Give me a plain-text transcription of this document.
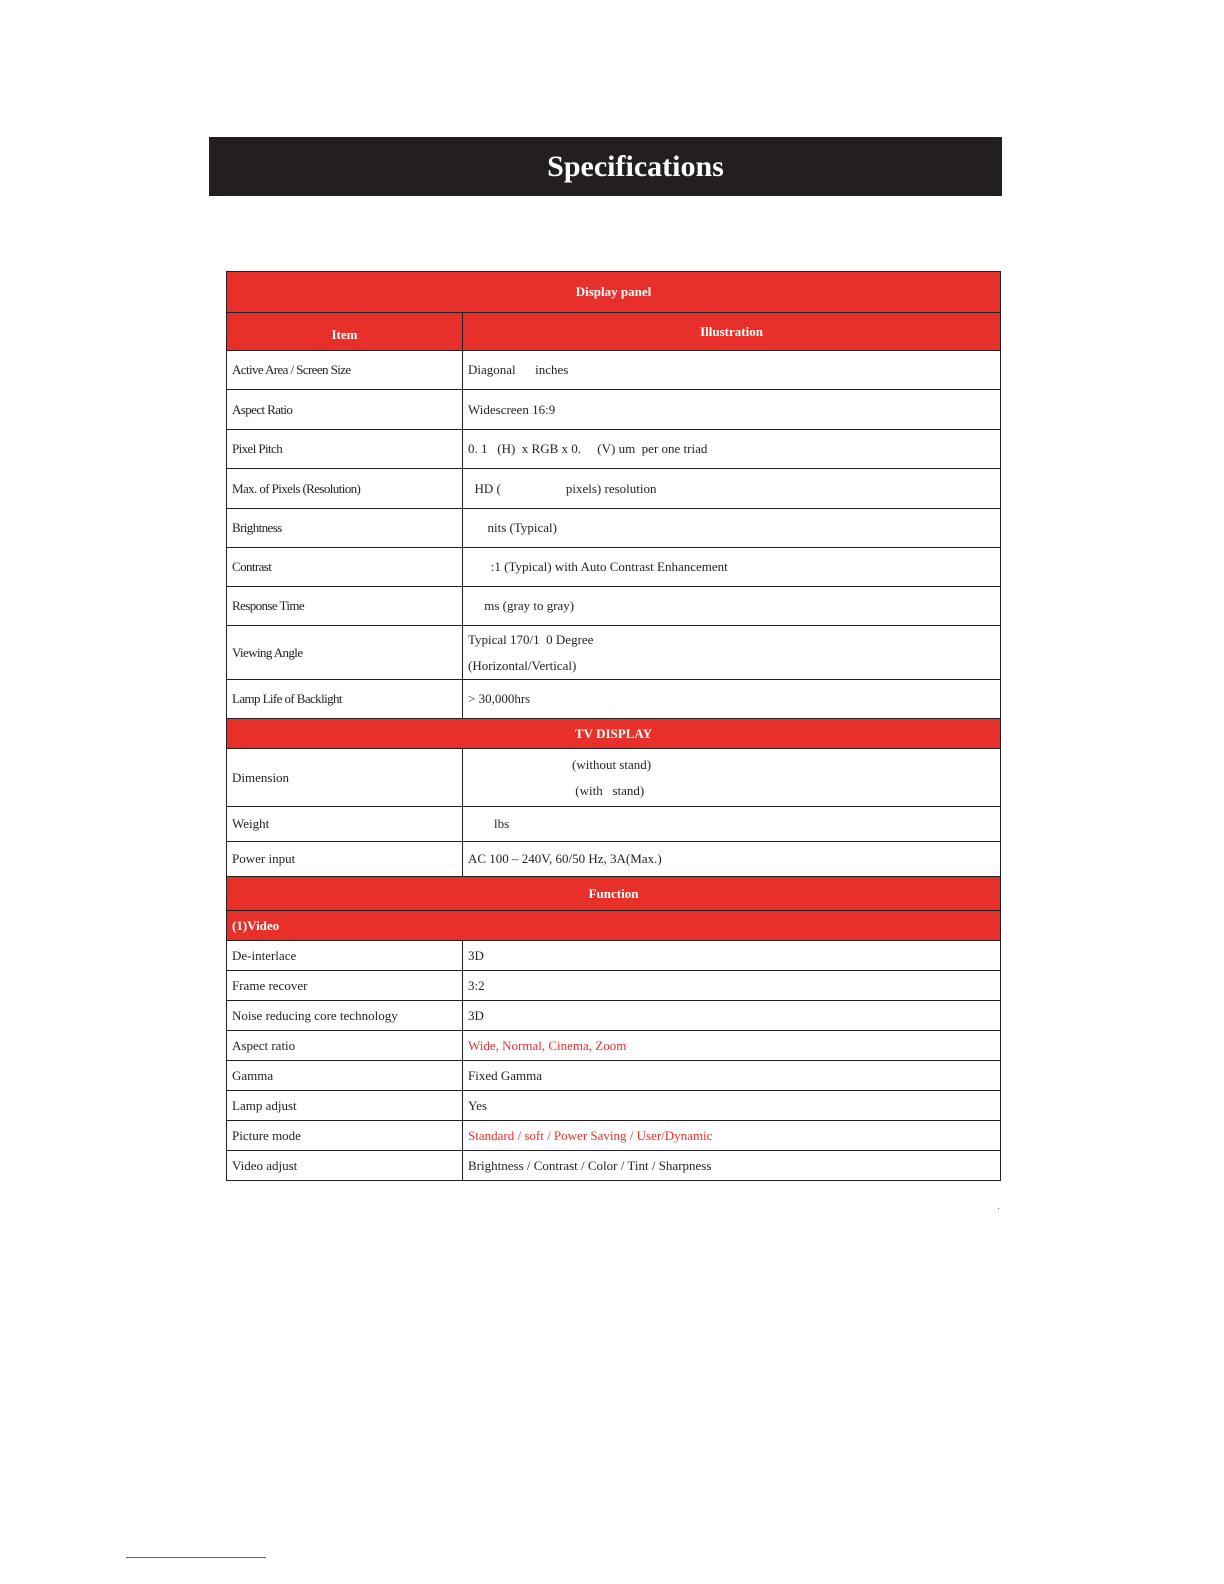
Specifications
Display panel	
Item	Illustration
Active Area / Screen Size	Diagonal      inches

Aspect Ratio	Widescreen 16:9

Pixel Pitch	0. 1   (H)  x RGB x 0.     (V) um  per one triad

Max. of Pixels (Resolution)	HD (                    pixels) resolution

Brightness	nits (Typical)

Contrast	:1 (Typical) with Auto Contrast Enhancement

Response Time	ms (gray to gray)

Viewing Angle	Typical 170/1  0 Degree
(Horizontal/Vertical)

Lamp Life of Backlight	> 30,000hrs

TV DISPLAY	
Dimension	(without stand)
(with   stand)

Weight	lbs

Power input	AC 100 – 240V, 60/50 Hz, 3A(Max.)

Function	
(1)Video	
De-interlace	3D

Frame recover	3:2

Noise reducing core technology	3D

Aspect ratio	Wide, Normal, Cinema, Zoom

Gamma	Fixed Gamma

Lamp adjust	Yes

Picture mode	Standard / soft / Power Saving / User/Dynamic

Video adjust	Brightness / Contrast / Color / Tint / Sharpness
